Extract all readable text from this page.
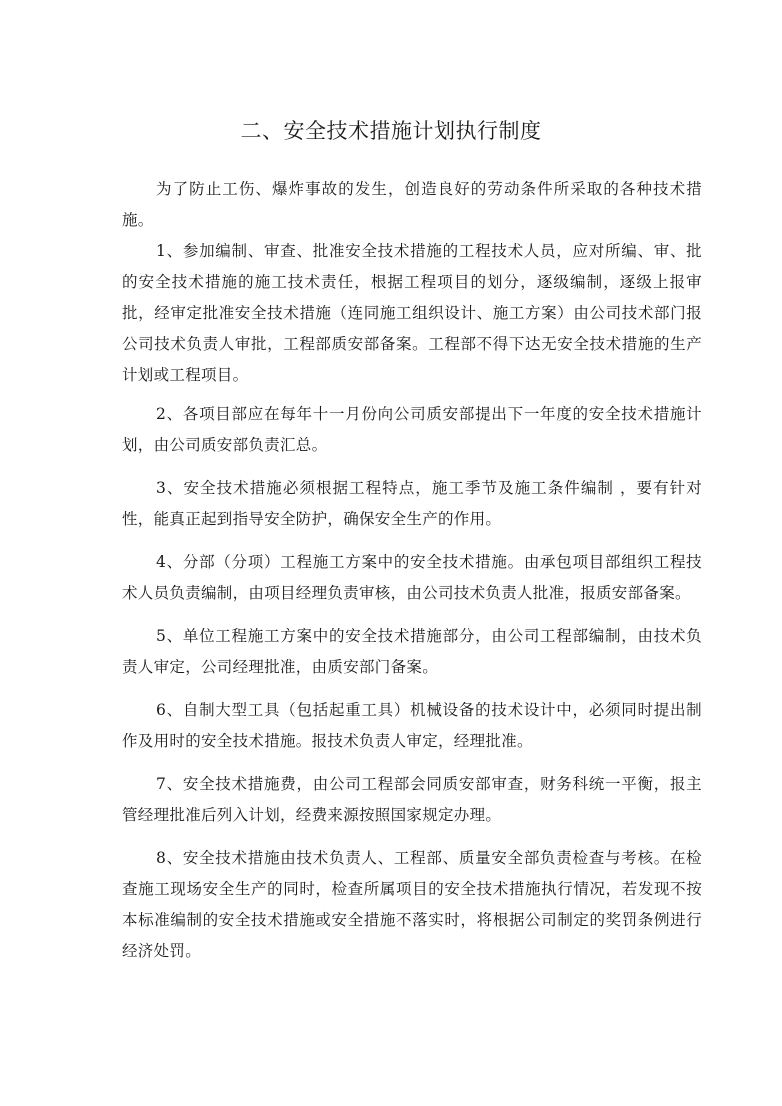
二、安全技术措施计划执行制度

为了防止工伤、爆炸事故的发生，创造良好的劳动条件所采取的各种技术措施。

1、参加编制、审查、批准安全技术措施的工程技术人员，应对所编、审、批的安全技术措施的施工技术责任，根据工程项目的划分，逐级编制，逐级上报审批，经审定批准安全技术措施（连同施工组织设计、施工方案）由公司技术部门报公司技术负责人审批，工程部质安部备案。工程部不得下达无安全技术措施的生产计划或工程项目。

2、各项目部应在每年十一月份向公司质安部提出下一年度的安全技术措施计划，由公司质安部负责汇总。

3、安全技术措施必须根据工程特点，施工季节及施工条件编制 ，要有针对性，能真正起到指导安全防护，确保安全生产的作用。

4、分部（分项）工程施工方案中的安全技术措施。由承包项目部组织工程技术人员负责编制，由项目经理负责审核，由公司技术负责人批准，报质安部备案。

5、单位工程施工方案中的安全技术措施部分，由公司工程部编制，由技术负责人审定，公司经理批准，由质安部门备案。

6、自制大型工具（包括起重工具）机械设备的技术设计中，必须同时提出制作及用时的安全技术措施。报技术负责人审定，经理批准。

7、安全技术措施费，由公司工程部会同质安部审查，财务科统一平衡，报主管经理批准后列入计划，经费来源按照国家规定办理。

8、安全技术措施由技术负责人、工程部、质量安全部负责检查与考核。在检查施工现场安全生产的同时，检查所属项目的安全技术措施执行情况，若发现不按本标准编制的安全技术措施或安全措施不落实时，将根据公司制定的奖罚条例进行经济处罚。
